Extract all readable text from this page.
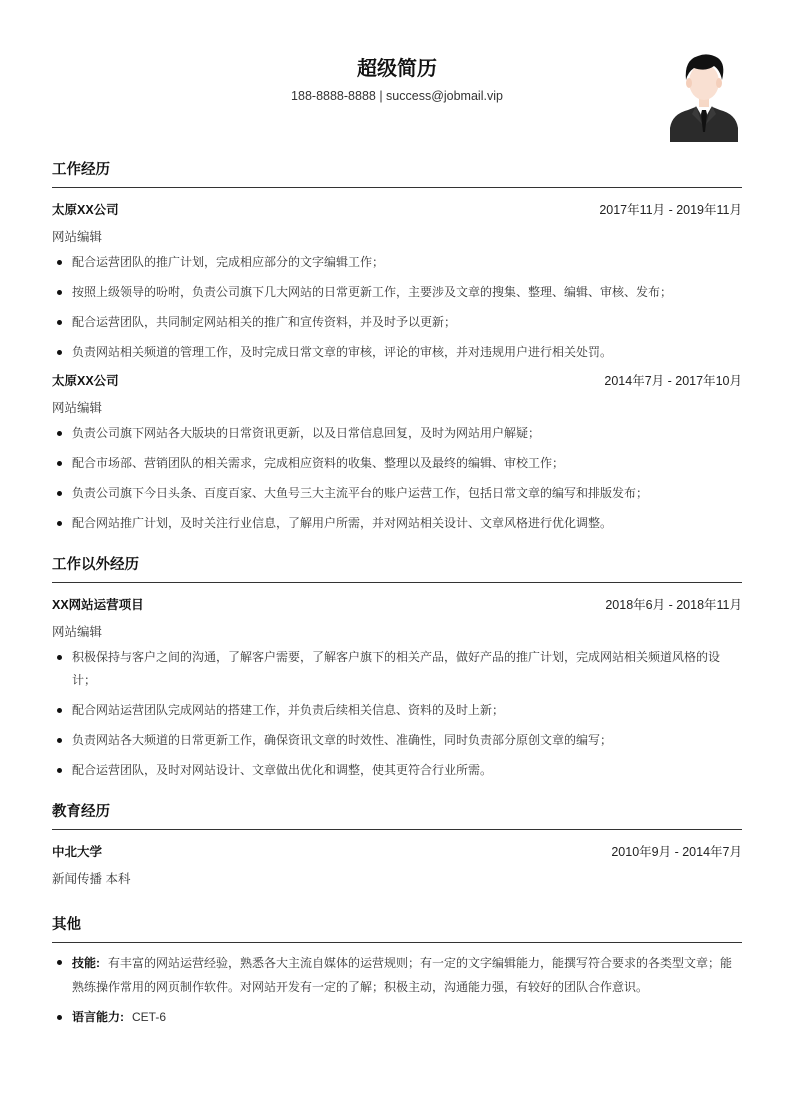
超级简历
188-8888-8888 | success@jobmail.vip
工作经历
太原XX公司	2017年11月 - 2019年11月
网站编辑
配合运营团队的推广计划，完成相应部分的文字编辑工作；
按照上级领导的吩咐，负责公司旗下几大网站的日常更新工作，主要涉及文章的搜集、整理、编辑、审核、发布；
配合运营团队，共同制定网站相关的推广和宣传资料，并及时予以更新；
负责网站相关频道的管理工作，及时完成日常文章的审核，评论的审核，并对违规用户进行相关处罚。
太原XX公司	2014年7月 - 2017年10月
网站编辑
负责公司旗下网站各大版块的日常资讯更新，以及日常信息回复，及时为网站用户解疑；
配合市场部、营销团队的相关需求，完成相应资料的收集、整理以及最终的编辑、审校工作；
负责公司旗下今日头条、百度百家、大鱼号三大主流平台的账户运营工作，包括日常文章的编写和排版发布；
配合网站推广计划，及时关注行业信息，了解用户所需，并对网站相关设计、文章风格进行优化调整。
工作以外经历
XX网站运营项目	2018年6月 - 2018年11月
网站编辑
积极保持与客户之间的沟通，了解客户需要，了解客户旗下的相关产品，做好产品的推广计划，完成网站相关频道风格的设计；
配合网站运营团队完成网站的搭建工作，并负责后续相关信息、资料的及时上新；
负责网站各大频道的日常更新工作，确保资讯文章的时效性、准确性，同时负责部分原创文章的编写；
配合运营团队，及时对网站设计、文章做出优化和调整，使其更符合行业所需。
教育经历
中北大学	2010年9月 - 2014年7月
新闻传播 本科
其他
技能: 有丰富的网站运营经验，熟悉各大主流自媒体的运营规则；有一定的文字编辑能力，能撰写符合要求的各类型文章；能熟练操作常用的网页制作软件。对网站开发有一定的了解；积极主动，沟通能力强，有较好的团队合作意识。
语言能力: CET-6
